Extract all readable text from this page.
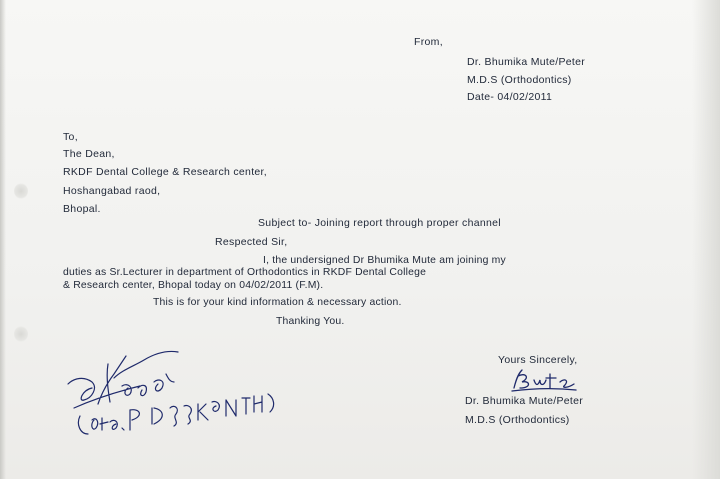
From,
Dr. Bhumika Mute/Peter
M.D.S (Orthodontics)
Date- 04/02/2011
To,
The Dean,
RKDF Dental College & Research center,
Hoshangabad raod,
Bhopal.
Subject to- Joining report through proper channel
Respected Sir,
I, the undersigned Dr Bhumika Mute am joining my
duties as Sr.Lecturer in department of Orthodontics in RKDF Dental College
& Research center, Bhopal today on 04/02/2011 (F.M).
This is for your kind information & necessary action.
Thanking You.
Yours Sincerely,
Dr. Bhumika Mute/Peter
M.D.S (Orthodontics)
